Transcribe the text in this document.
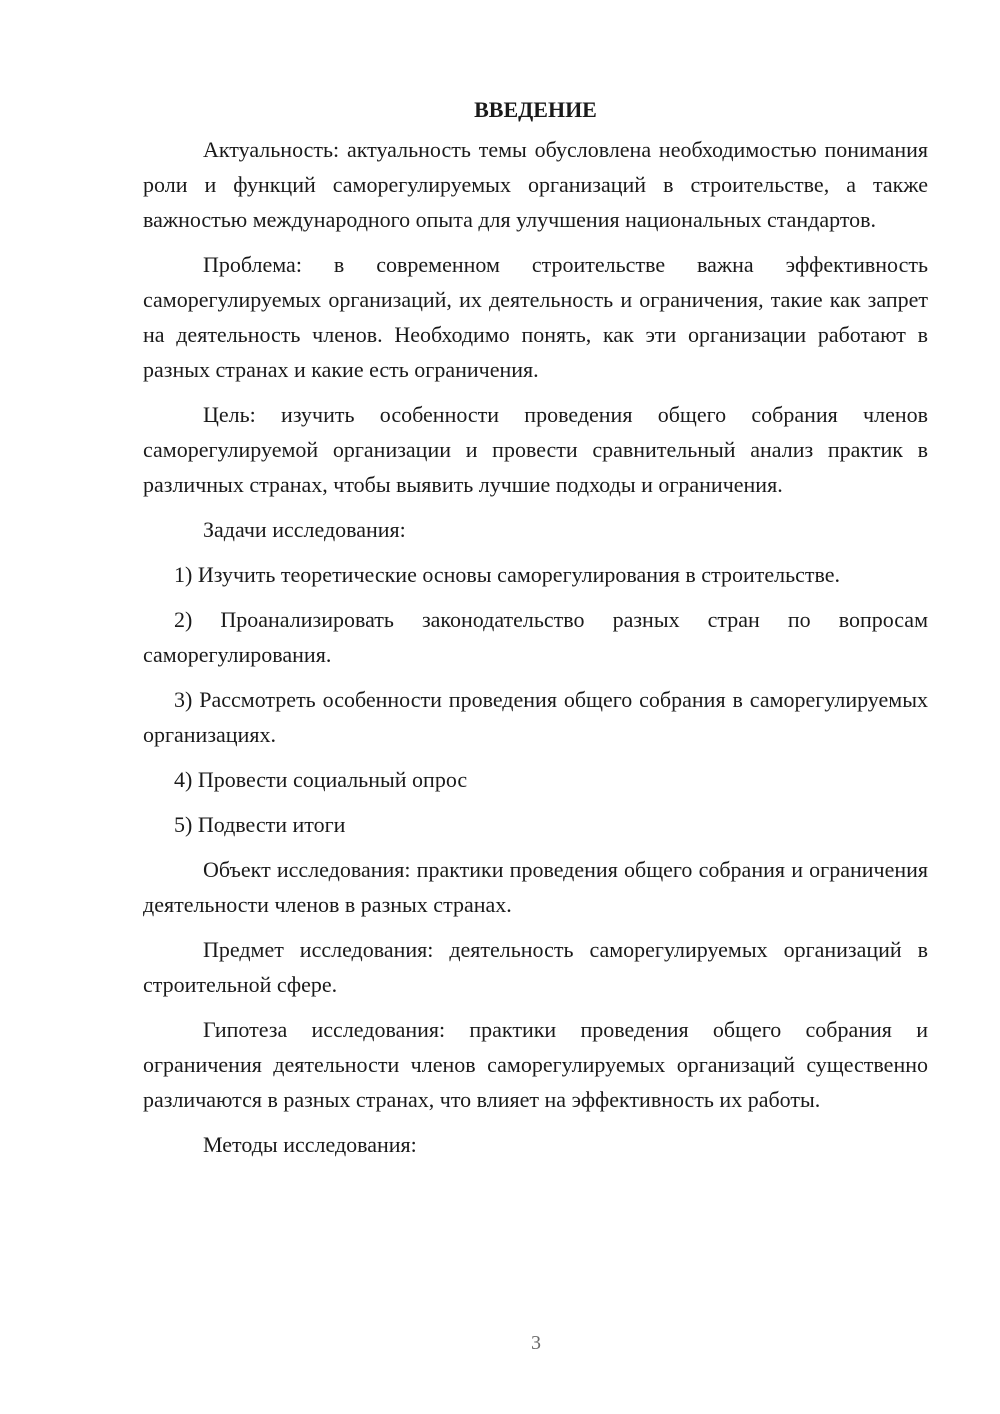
ВВЕДЕНИЕ

Актуальность: актуальность темы обусловлена необходимостью понимания роли и функций саморегулируемых организаций в строительстве, а также важностью международного опыта для улучшения национальных стандартов.

Проблема: в современном строительстве важна эффективность саморегулируемых организаций, их деятельность и ограничения, такие как запрет на деятельность членов. Необходимо понять, как эти организации работают в разных странах и какие есть ограничения.

Цель: изучить особенности проведения общего собрания членов саморегулируемой организации и провести сравнительный анализ практик в различных странах, чтобы выявить лучшие подходы и ограничения.

Задачи исследования:

1) Изучить теоретические основы саморегулирования в строительстве.

2) Проанализировать законодательство разных стран по вопросам саморегулирования.

3) Рассмотреть особенности проведения общего собрания в саморегулируемых организациях.

4) Провести социальный опрос

5) Подвести итоги

Объект исследования: практики проведения общего собрания и ограничения деятельности членов в разных странах.

Предмет исследования: деятельность саморегулируемых организаций в строительной сфере.

Гипотеза исследования: практики проведения общего собрания и ограничения деятельности членов саморегулируемых организаций существенно различаются в разных странах, что влияет на эффективность их работы.

Методы исследования:

3
